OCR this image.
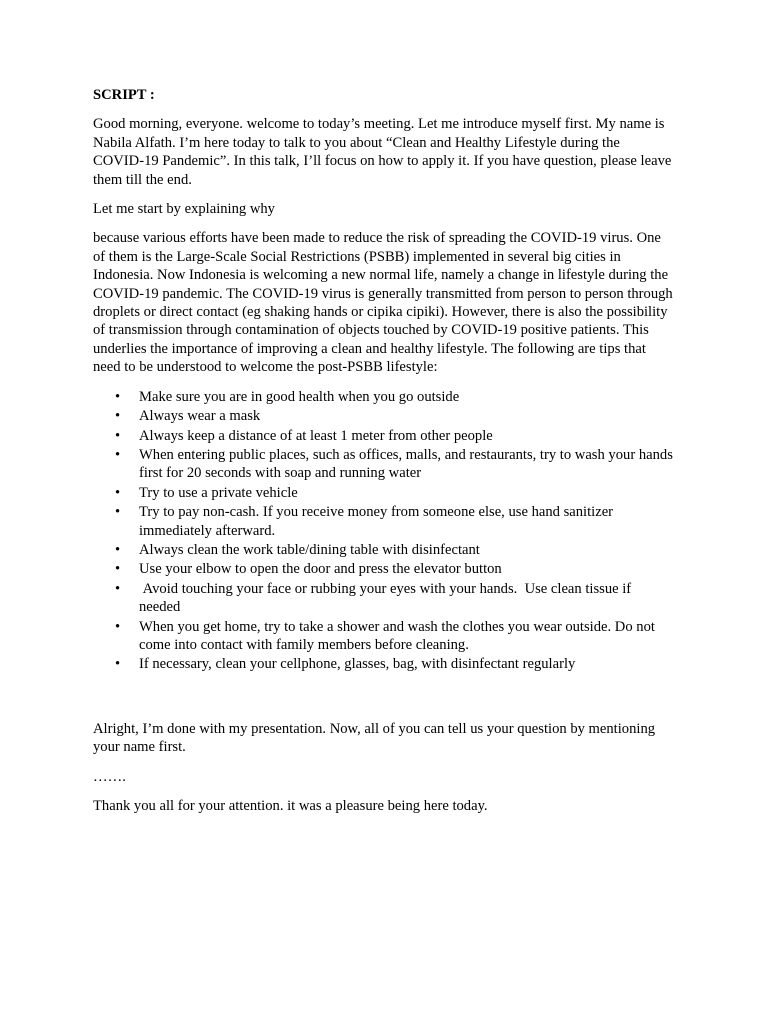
SCRIPT :

Good morning, everyone. welcome to today’s meeting. Let me introduce myself first. My name is Nabila Alfath. I’m here today to talk to you about “Clean and Healthy Lifestyle during the COVID-19 Pandemic”. In this talk, I’ll focus on how to apply it. If you have question, please leave them till the end.

Let me start by explaining why

because various efforts have been made to reduce the risk of spreading the COVID-19 virus. One of them is the Large-Scale Social Restrictions (PSBB) implemented in several big cities in Indonesia. Now Indonesia is welcoming a new normal life, namely a change in lifestyle during the COVID-19 pandemic. The COVID-19 virus is generally transmitted from person to person through droplets or direct contact (eg shaking hands or cipika cipiki). However, there is also the possibility of transmission through contamination of objects touched by COVID-19 positive patients. This underlies the importance of improving a clean and healthy lifestyle. The following are tips that need to be understood to welcome the post-PSBB lifestyle:

• Make sure you are in good health when you go outside
• Always wear a mask
• Always keep a distance of at least 1 meter from other people
• When entering public places, such as offices, malls, and restaurants, try to wash your hands first for 20 seconds with soap and running water
• Try to use a private vehicle
• Try to pay non-cash. If you receive money from someone else, use hand sanitizer immediately afterward.
• Always clean the work table/dining table with disinfectant
• Use your elbow to open the door and press the elevator button
• Avoid touching your face or rubbing your eyes with your hands.  Use clean tissue if needed
• When you get home, try to take a shower and wash the clothes you wear outside. Do not come into contact with family members before cleaning.
• If necessary, clean your cellphone, glasses, bag, with disinfectant regularly

Alright, I’m done with my presentation. Now, all of you can tell us your question by mentioning your name first.

…….

Thank you all for your attention. it was a pleasure being here today.
